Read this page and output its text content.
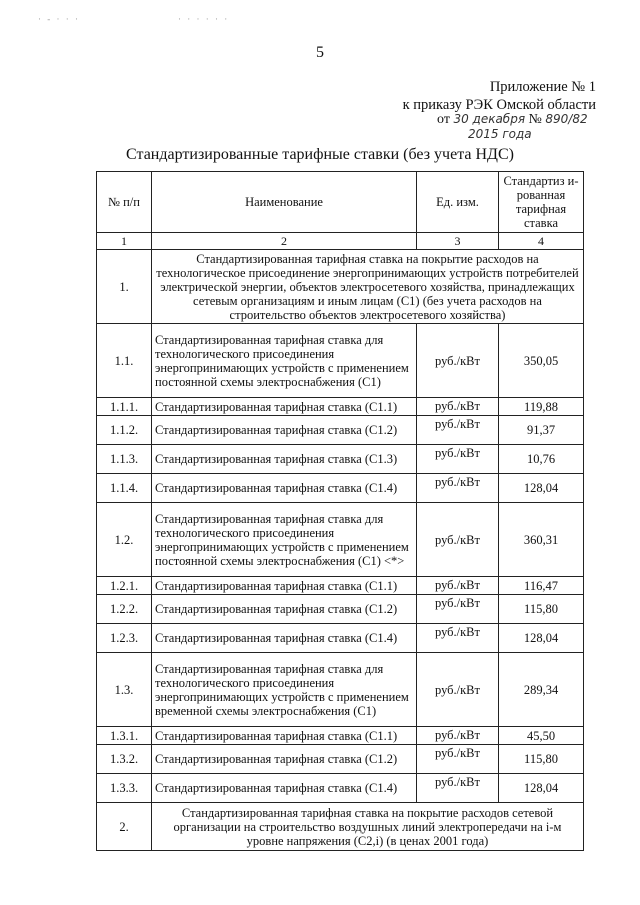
· - · · ·	· · · · · ·
5
Приложение № 1
к приказу РЭК Омской области
от 30 декабря № 890/82
2015 года
Стандартизированные тарифные ставки (без учета НДС)
№ п/п	Наименование	Ед. изм.	Стандартиз и-рованная тарифная ставка
1	2	3	4
1.	Стандартизированная тарифная ставка на покрытие расходов на технологическое присоединение энергопринимающих устройств потребителей электрической энергии, объектов электросетевого хозяйства, принадлежащих сетевым организациям и иным лицам (С1) (без учета расходов на строительство объектов электросетевого хозяйства)		
1.1.	Стандартизированная тарифная ставка для технологического присоединения энергопринимающих устройств с применением постоянной схемы электроснабжения (С1)	руб./кВт	350,05
1.1.1.	Стандартизированная тарифная ставка (С1.1)	руб./кВт	119,88
1.1.2.	Стандартизированная тарифная ставка (С1.2)	руб./кВт	91,37
1.1.3.	Стандартизированная тарифная ставка (С1.3)	руб./кВт	10,76
1.1.4.	Стандартизированная тарифная ставка (С1.4)	руб./кВт	128,04
1.2.	Стандартизированная тарифная ставка для технологического присоединения энергопринимающих устройств с применением постоянной схемы электроснабжения (С1) <*>	руб./кВт	360,31
1.2.1.	Стандартизированная тарифная ставка (С1.1)	руб./кВт	116,47
1.2.2.	Стандартизированная тарифная ставка (С1.2)	руб./кВт	115,80
1.2.3.	Стандартизированная тарифная ставка (С1.4)	руб./кВт	128,04
1.3.	Стандартизированная тарифная ставка для технологического присоединения энергопринимающих устройств с применением временной схемы электроснабжения (С1)	руб./кВт	289,34
1.3.1.	Стандартизированная тарифная ставка (С1.1)	руб./кВт	45,50
1.3.2.	Стандартизированная тарифная ставка (С1.2)	руб./кВт	115,80
1.3.3.	Стандартизированная тарифная ставка (С1.4)	руб./кВт	128,04
2.	Стандартизированная тарифная ставка на покрытие расходов сетевой организации на строительство воздушных линий электропередачи на i-м уровне напряжения (С2,i) (в ценах 2001 года)		
